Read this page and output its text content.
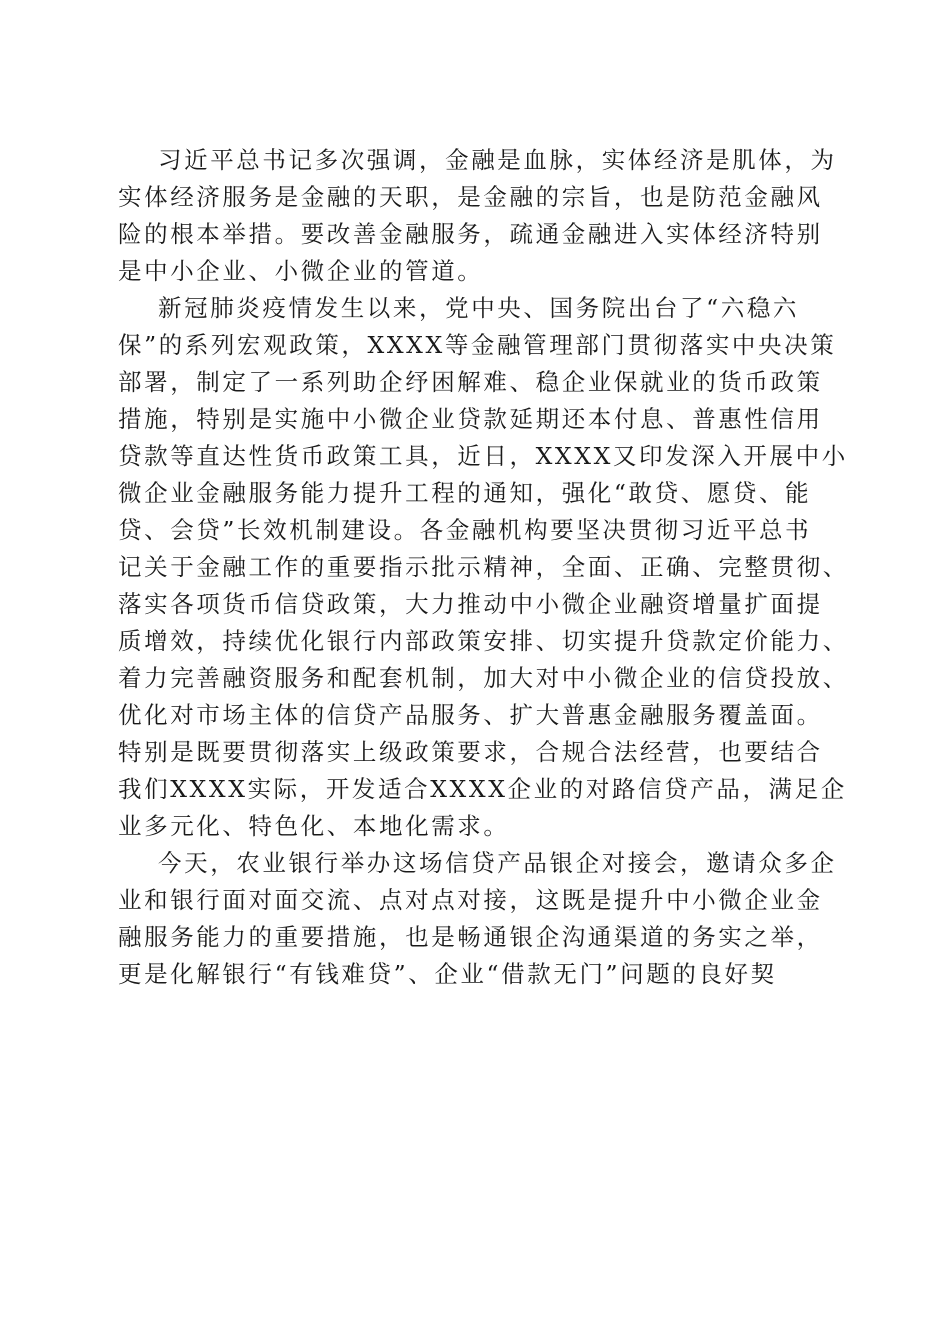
习近平总书记多次强调，金融是血脉，实体经济是肌体，为
实体经济服务是金融的天职，是金融的宗旨，也是防范金融风
险的根本举措。要改善金融服务，疏通金融进入实体经济特别
是中小企业、小微企业的管道。
新冠肺炎疫情发生以来，党中央、国务院出台了“六稳六
保”的系列宏观政策，XXXX等金融管理部门贯彻落实中央决策
部署，制定了一系列助企纾困解难、稳企业保就业的货币政策
措施，特别是实施中小微企业贷款延期还本付息、普惠性信用
贷款等直达性货币政策工具，近日，XXXX又印发深入开展中小
微企业金融服务能力提升工程的通知，强化“敢贷、愿贷、能
贷、会贷”长效机制建设。各金融机构要坚决贯彻习近平总书
记关于金融工作的重要指示批示精神，全面、正确、完整贯彻、
落实各项货币信贷政策，大力推动中小微企业融资增量扩面提
质增效，持续优化银行内部政策安排、切实提升贷款定价能力、
着力完善融资服务和配套机制，加大对中小微企业的信贷投放、
优化对市场主体的信贷产品服务、扩大普惠金融服务覆盖面。
特别是既要贯彻落实上级政策要求，合规合法经营，也要结合
我们XXXX实际，开发适合XXXX企业的对路信贷产品，满足企
业多元化、特色化、本地化需求。
今天，农业银行举办这场信贷产品银企对接会，邀请众多企
业和银行面对面交流、点对点对接，这既是提升中小微企业金
融服务能力的重要措施，也是畅通银企沟通渠道的务实之举，
更是化解银行“有钱难贷”、企业“借款无门”问题的良好契
